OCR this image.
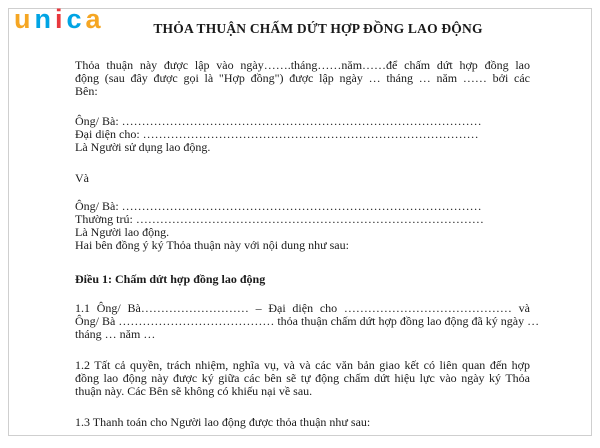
unica	THỎA THUẬN CHẤM DỨT HỢP ĐỒNG LAO ĐỘNG
Thỏa thuận này được lập vào ngày…….tháng……năm……để chấm dứt hợp đồng lao
động (sau đây được gọi là "Hợp đồng") được lập ngày … tháng … năm …… bởi các
Bên:
Ông/ Bà: ………………………………………………………………………………
Đại diện cho: …………………………………………………………………………
Là Người sử dụng lao động.
Và
Ông/ Bà: ………………………………………………………………………………
Thường trú: ……………………………………………………………………………
Là Người lao động.
Hai bên đồng ý ký Thỏa thuận này với nội dung như sau:
Điều 1: Chấm dứt hợp đồng lao động
1.1 Ông/ Bà……………………… – Đại diện cho …………………………………… và
Ông/ Bà ………………………………… thỏa thuận chấm dứt hợp đồng lao động đã ký ngày …
tháng … năm …
1.2 Tất cả quyền, trách nhiệm, nghĩa vụ, và và các văn bản giao kết có liên quan đến hợp
đồng lao động này được ký giữa các bên sẽ tự động chấm dứt hiệu lực vào ngày ký Thỏa
thuận này. Các Bên sẽ không có khiếu nại về sau.
1.3 Thanh toán cho Người lao động được thỏa thuận như sau:
